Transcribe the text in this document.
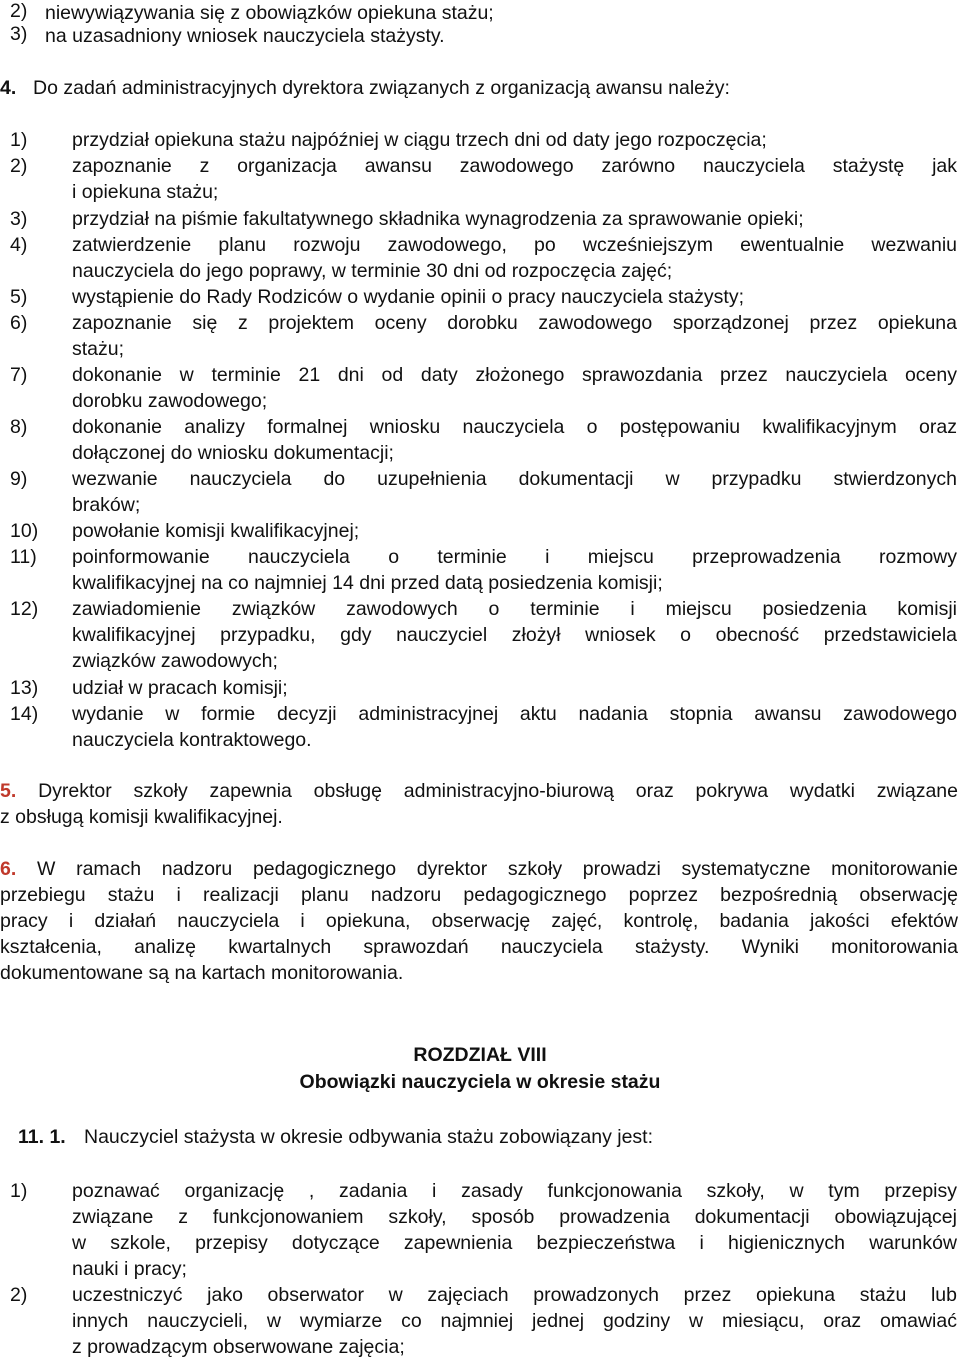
2) niewywiązywania się z obowiązków opiekuna stażu;
3) na uzasadniony wniosek nauczyciela stażysty.
4. Do zadań administracyjnych dyrektora związanych z organizacją awansu należy:
1) przydział opiekuna stażu najpóźniej w ciągu trzech dni od daty jego rozpoczęcia;
2) zapoznanie z organizacja awansu zawodowego zarówno nauczyciela stażystę jak
i opiekuna stażu;
3) przydział na piśmie fakultatywnego składnika wynagrodzenia za sprawowanie opieki;
4) zatwierdzenie planu rozwoju zawodowego, po wcześniejszym ewentualnie wezwaniu
nauczyciela do jego poprawy, w terminie 30 dni od rozpoczęcia zajęć;
5) wystąpienie do Rady Rodziców o wydanie opinii o pracy nauczyciela stażysty;
6) zapoznanie się z projektem oceny dorobku zawodowego sporządzonej przez opiekuna
stażu;
7) dokonanie w terminie 21 dni od daty złożonego sprawozdania przez nauczyciela oceny
dorobku zawodowego;
8) dokonanie analizy formalnej wniosku nauczyciela o postępowaniu kwalifikacyjnym oraz
dołączonej do wniosku dokumentacji;
9) wezwanie nauczyciela do uzupełnienia dokumentacji w przypadku stwierdzonych
braków;
10) powołanie komisji kwalifikacyjnej;
11) poinformowanie nauczyciela o terminie i miejscu przeprowadzenia rozmowy
kwalifikacyjnej na co najmniej 14 dni przed datą posiedzenia komisji;
12) zawiadomienie związków zawodowych o terminie i miejscu posiedzenia komisji
kwalifikacyjnej przypadku, gdy nauczyciel złożył wniosek o obecność przedstawiciela
związków zawodowych;
13) udział w pracach komisji;
14) wydanie w formie decyzji administracyjnej aktu nadania stopnia awansu zawodowego
nauczyciela kontraktowego.
5. Dyrektor szkoły zapewnia obsługę administracyjno-biurową oraz pokrywa wydatki związane
z obsługą komisji kwalifikacyjnej.
6. W ramach nadzoru pedagogicznego dyrektor szkoły prowadzi systematyczne monitorowanie
przebiegu stażu i realizacji planu nadzoru pedagogicznego poprzez bezpośrednią obserwację
pracy i działań nauczyciela i opiekuna, obserwację zajęć, kontrolę, badania jakości efektów
kształcenia, analizę kwartalnych sprawozdań nauczyciela stażysty. Wyniki monitorowania
dokumentowane są na kartach monitorowania.
ROZDZIAŁ VIII
Obowiązki nauczyciela w okresie stażu
11. 1. Nauczyciel stażysta w okresie odbywania stażu zobowiązany jest:
1) poznawać organizację , zadania i zasady funkcjonowania szkoły, w tym przepisy
związane z funkcjonowaniem szkoły, sposób prowadzenia dokumentacji obowiązującej
w szkole, przepisy dotyczące zapewnienia bezpieczeństwa i higienicznych warunków
nauki i pracy;
2) uczestniczyć jako obserwator w zajęciach prowadzonych przez opiekuna stażu lub
innych nauczycieli, w wymiarze co najmniej jednej godziny w miesiącu, oraz omawiać
z prowadzącym obserwowane zajęcia;
